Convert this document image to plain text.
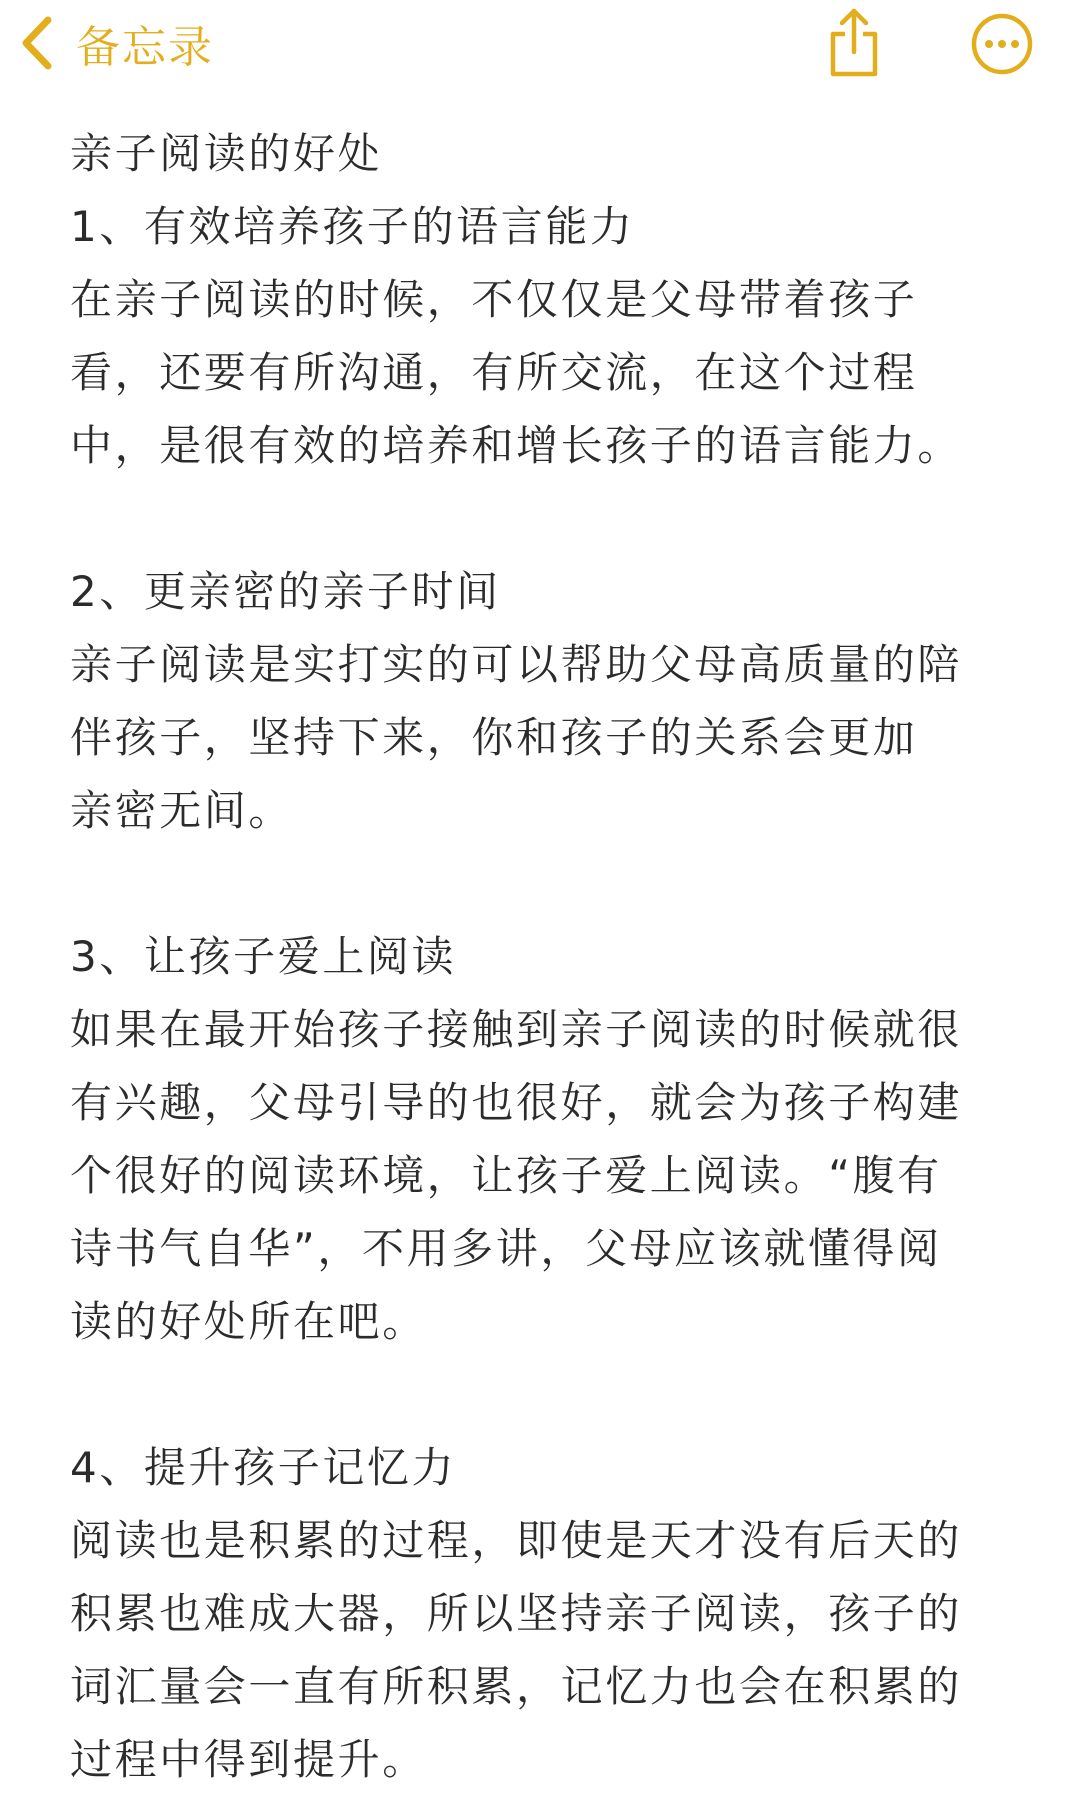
备忘录
亲子阅读的好处
1、有效培养孩子的语言能力
在亲子阅读的时候，不仅仅是父母带着孩子
看，还要有所沟通，有所交流，在这个过程
中，是很有效的培养和增长孩子的语言能力。
2、更亲密的亲子时间
亲子阅读是实打实的可以帮助父母高质量的陪
伴孩子，坚持下来，你和孩子的关系会更加
亲密无间。
3、让孩子爱上阅读
如果在最开始孩子接触到亲子阅读的时候就很
有兴趣，父母引导的也很好，就会为孩子构建
个很好的阅读环境，让孩子爱上阅读。“腹有
诗书气自华”，不用多讲，父母应该就懂得阅
读的好处所在吧。
4、提升孩子记忆力
阅读也是积累的过程，即使是天才没有后天的
积累也难成大器，所以坚持亲子阅读，孩子的
词汇量会一直有所积累，记忆力也会在积累的
过程中得到提升。
